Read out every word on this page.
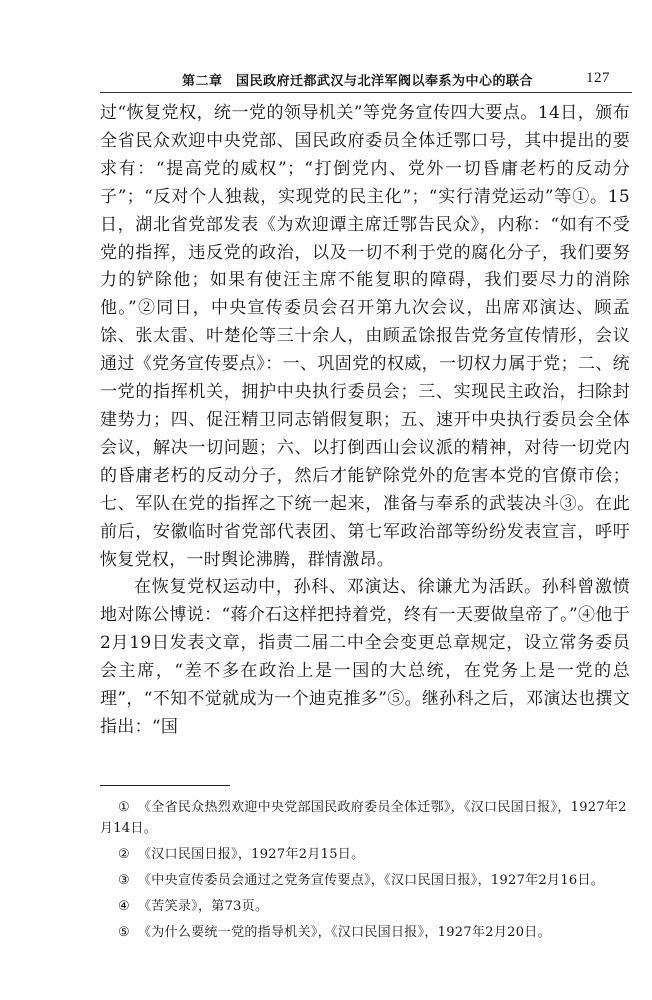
第二章　国民政府迁都武汉与北洋军阀以奉系为中心的联合	127

过“恢复党权，统一党的领导机关”等党务宣传四大要点。14日，颁布全省民众欢迎中央党部、国民政府委员全体迁鄂口号，其中提出的要求有：“提高党的威权”；“打倒党内、党外一切昏庸老朽的反动分子”；“反对个人独裁，实现党的民主化”；“实行清党运动”等①。15日，湖北省党部发表《为欢迎谭主席迁鄂告民众》，内称：“如有不受党的指挥，违反党的政治，以及一切不利于党的腐化分子，我们要努力的铲除他；如果有使汪主席不能复职的障碍，我们要尽力的消除他。”②同日，中央宣传委员会召开第九次会议，出席邓演达、顾孟馀、张太雷、叶楚伦等三十余人，由顾孟馀报告党务宣传情形，会议通过《党务宣传要点》：一、巩固党的权威，一切权力属于党；二、统一党的指挥机关，拥护中央执行委员会；三、实现民主政治，扫除封建势力；四、促汪精卫同志销假复职；五、速开中央执行委员会全体会议，解决一切问题；六、以打倒西山会议派的精神，对待一切党内的昏庸老朽的反动分子，然后才能铲除党外的危害本党的官僚市侩；七、军队在党的指挥之下统一起来，准备与奉系的武装决斗③。在此前后，安徽临时省党部代表团、第七军政治部等纷纷发表宣言，呼吁恢复党权，一时舆论沸腾，群情激昂。

在恢复党权运动中，孙科、邓演达、徐谦尤为活跃。孙科曾激愤地对陈公博说：“蒋介石这样把持着党，终有一天要做皇帝了。”④他于2月19日发表文章，指责二届二中全会变更总章规定，设立常务委员会主席，“差不多在政治上是一国的大总统，在党务上是一党的总理”，“不知不觉就成为一个迪克推多”⑤。继孙科之后，邓演达也撰文指出：“国

① 《全省民众热烈欢迎中央党部国民政府委员全体迁鄂》，《汉口民国日报》，1927年2月14日。
② 《汉口民国日报》，1927年2月15日。
③ 《中央宣传委员会通过之党务宣传要点》，《汉口民国日报》，1927年2月16日。
④ 《苦笑录》，第73页。
⑤ 《为什么要统一党的指导机关》，《汉口民国日报》，1927年2月20日。
